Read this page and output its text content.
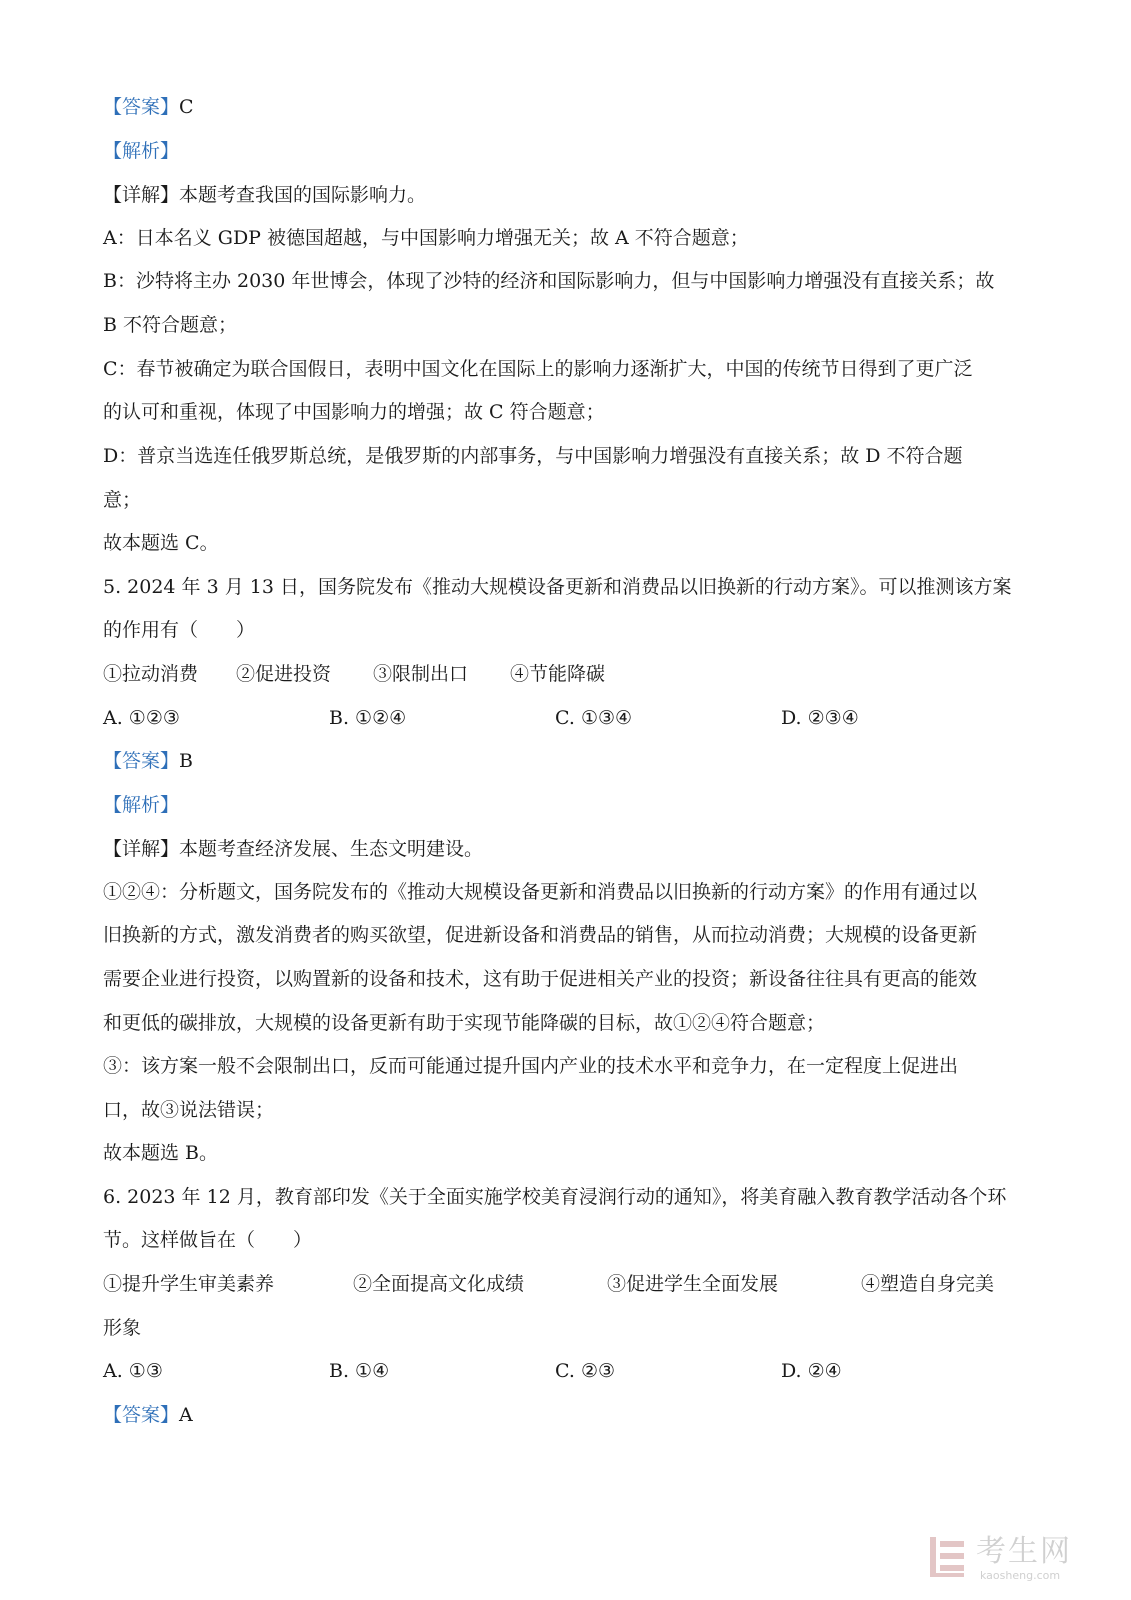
【答案】C
【解析】
【详解】本题考查我国的国际影响力。
A：日本名义 GDP 被德国超越，与中国影响力增强无关；故 A 不符合题意；
B：沙特将主办 2030 年世博会，体现了沙特的经济和国际影响力，但与中国影响力增强没有直接关系；故
B 不符合题意；
C：春节被确定为联合国假日，表明中国文化在国际上的影响力逐渐扩大，中国的传统节日得到了更广泛
的认可和重视，体现了中国影响力的增强；故 C 符合题意；
D：普京当选连任俄罗斯总统，是俄罗斯的内部事务，与中国影响力增强没有直接关系；故 D 不符合题
意；
故本题选 C。
5. 2024 年 3 月 13 日，国务院发布《推动大规模设备更新和消费品以旧换新的行动方案》。可以推测该方案
的作用有（　　）
①拉动消费 ②促进投资 ③限制出口 ④节能降碳
A. ①②③	B. ①②④	C. ①③④	D. ②③④
【答案】B
【解析】
【详解】本题考查经济发展、生态文明建设。
①②④：分析题文，国务院发布的《推动大规模设备更新和消费品以旧换新的行动方案》的作用有通过以
旧换新的方式，激发消费者的购买欲望，促进新设备和消费品的销售，从而拉动消费；大规模的设备更新
需要企业进行投资，以购置新的设备和技术，这有助于促进相关产业的投资；新设备往往具有更高的能效
和更低的碳排放，大规模的设备更新有助于实现节能降碳的目标，故①②④符合题意；
③：该方案一般不会限制出口，反而可能通过提升国内产业的技术水平和竞争力，在一定程度上促进出
口，故③说法错误；
故本题选 B。
6. 2023 年 12 月，教育部印发《关于全面实施学校美育浸润行动的通知》，将美育融入教育教学活动各个环
节。这样做旨在（　　）
①提升学生审美素养	②全面提高文化成绩	③促进学生全面发展	④塑造自身完美
形象
A. ①③	B. ①④	C. ②③	D. ②④
【答案】A
考生网
kaosheng.com
